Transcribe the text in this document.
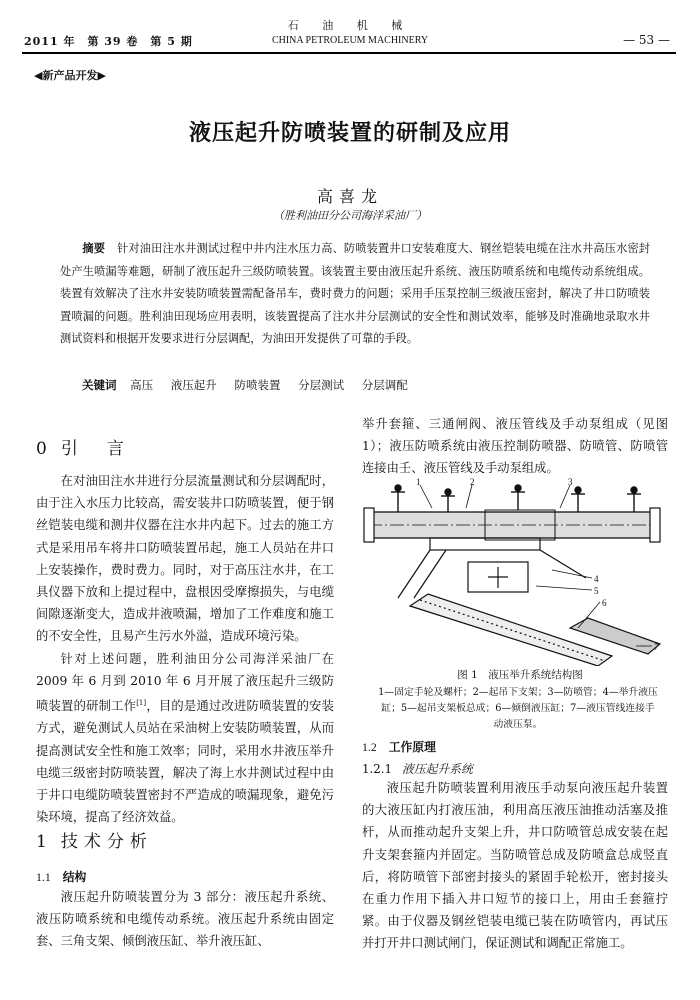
2011 年　第 39 卷　第 5 期
石 油 机 械
CHINA PETROLEUM MACHINERY	— 53 —
◀新产品开发▶
液压起升防喷装置的研制及应用
高喜龙
（胜利油田分公司海洋采油厂）
摘要 针对油田注水井测试过程中井内注水压力高、防喷装置井口安装难度大、钢丝铠装电缆在注水井高压水密封处产生喷漏等难题，研制了液压起升三级防喷装置。该装置主要由液压起升系统、液压防喷系统和电缆传动系统组成。装置有效解决了注水井安装防喷装置需配备吊车，费时费力的问题；采用手压泵控制三级液压密封，解决了井口防喷装置喷漏的问题。胜利油田现场应用表明，该装置提高了注水井分层测试的安全性和测试效率，能够及时准确地录取水井测试资料和根据开发要求进行分层调配，为油田开发提供了可靠的手段。
关键词 高压 液压起升 防喷装置 分层测试 分层调配
0 引　言

在对油田注水井进行分层流量测试和分层调配时，由于注入水压力比较高，需安装井口防喷装置，便于钢丝铠装电缆和测井仪器在注水井内起下。过去的施工方式是采用吊车将井口防喷装置吊起，施工人员站在井口上安装操作，费时费力。同时，对于高压注水井，在工具仪器下放和上提过程中，盘根因受摩擦损失，与电缆间隙逐渐变大，造成井液喷漏，增加了工作难度和施工的不安全性，且易产生污水外溢，造成环境污染。

针对上述问题，胜利油田分公司海洋采油厂在2009 年 6 月到 2010 年 6 月开展了液压起升三级防喷装置的研制工作[1]，目的是通过改进防喷装置的安装方式，避免测试人员站在采油树上安装防喷装置，从而提高测试安全性和施工效率；同时，采用水井液压举升电缆三级密封防喷装置，解决了海上水井测试过程中由于井口电缆防喷装置密封不严造成的喷漏现象，避免污染环境，提高了经济效益。

1 技术分析
1.1 结构

液压起升防喷装置分为 3 部分：液压起升系统、液压防喷系统和电缆传动系统。液压起升系统由固定套、三角支架、倾倒液压缸、举升液压缸、

举升套箍、三通闸阀、液压管线及手动泵组成（见图 1）；液压防喷系统由液压控制防喷器、防喷管、防喷管连接由壬、液压管线及手动泵组成。

1	2	3
4
5
6
7
图 1　液压举升系统结构图
1—固定手轮及螺杆；2—起吊下支架；3—防喷管；4—举升液压缸；5—起吊支架板总成；6—倾倒液压缸；7—液压管线连接手动液压泵。
1.2 工作原理
1.2.1 液压起升系统

液压起升防喷装置利用液压手动泵向液压起升装置的大液压缸内打液压油，利用高压液压油推动活塞及推杆，从而推动起升支架上升，井口防喷管总成安装在起升支架套箍内并固定。当防喷管总成及防喷盒总成竖直后，将防喷管下部密封接头的紧固手轮松开，密封接头在重力作用下插入井口短节的接口上，用由壬套箍拧紧。由于仪器及钢丝铠装电缆已装在防喷管内，再试压并打开井口测试闸门，保证测试和调配正常施工。
